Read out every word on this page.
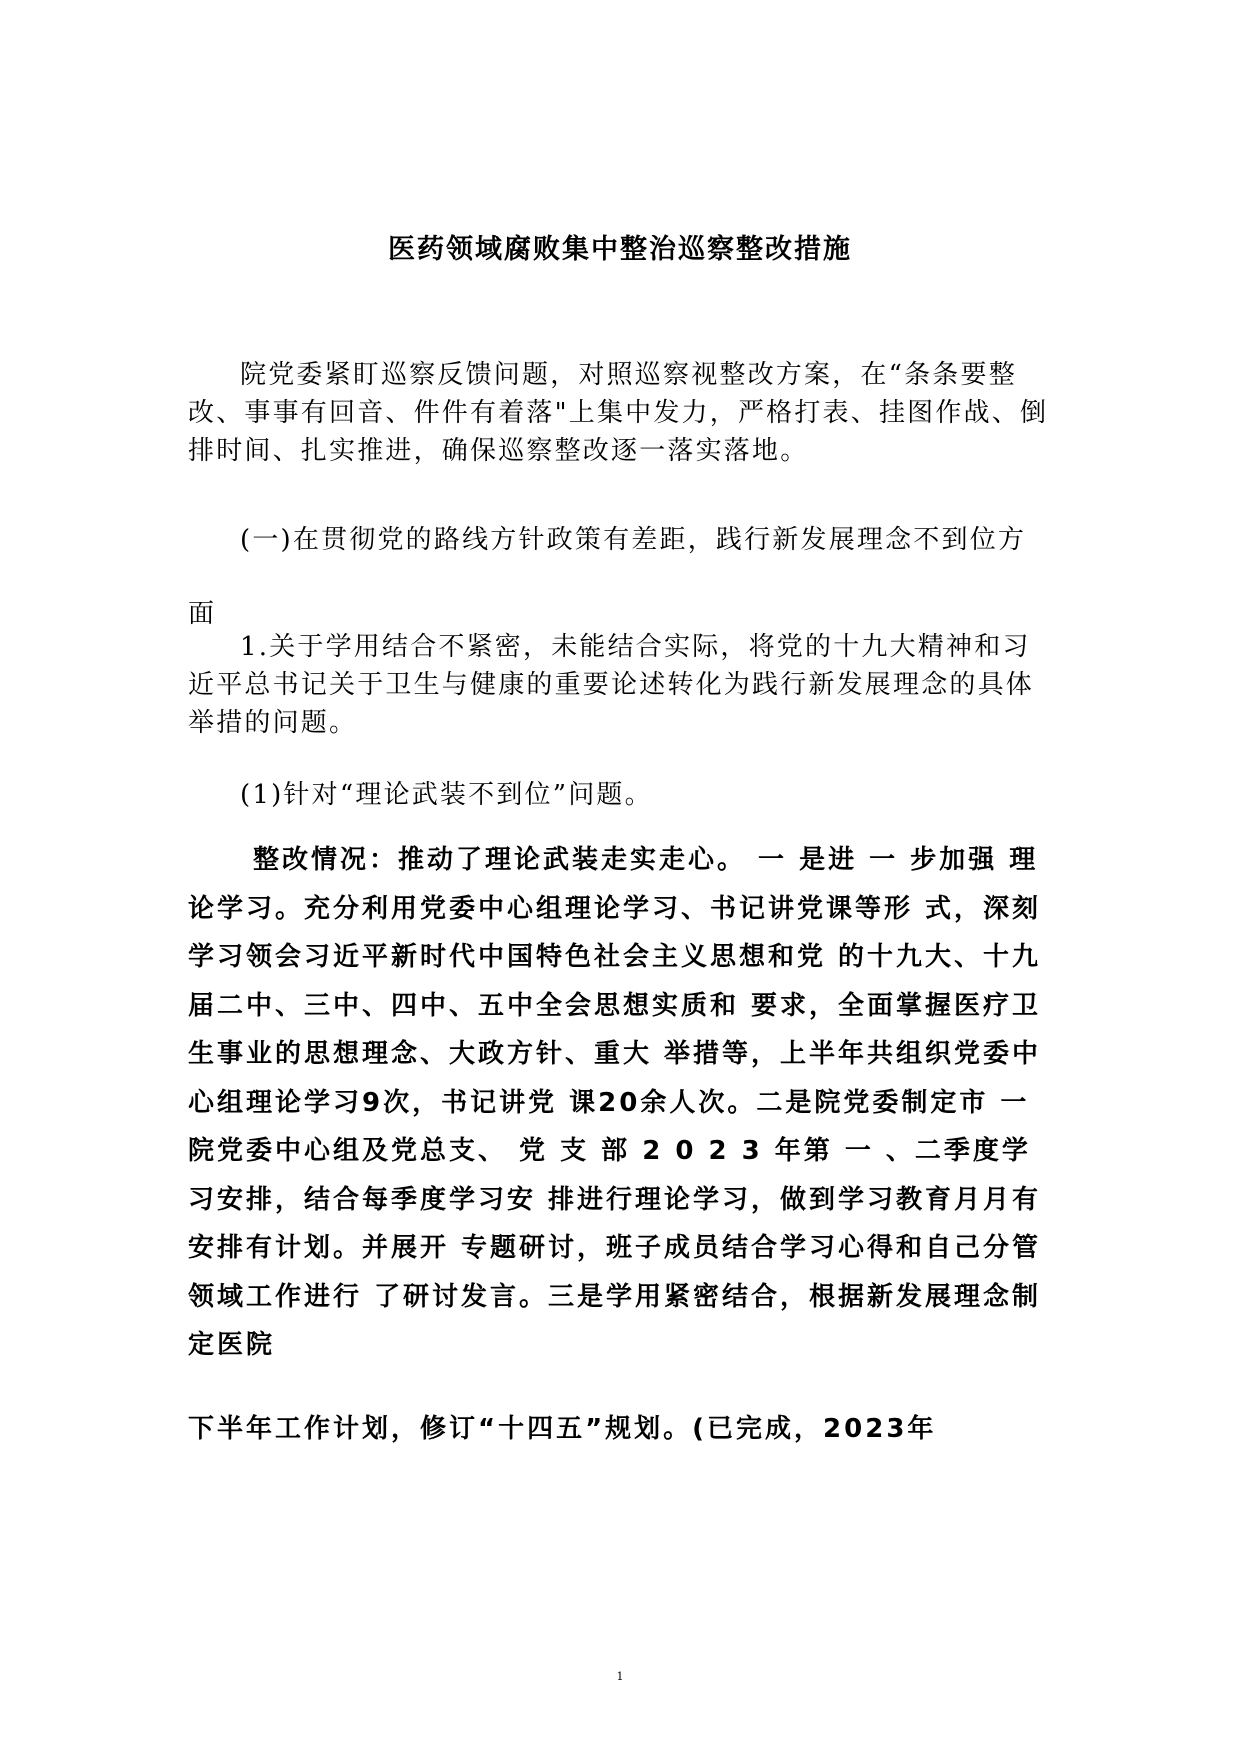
医药领域腐败集中整治巡察整改措施
院党委紧盯巡察反馈问题，对照巡察视整改方案，在“条条要整改、事事有回音、件件有着落"上集中发力，严格打表、挂图作战、倒排时间、扎实推进，确保巡察整改逐一落实落地。
(一)在贯彻党的路线方针政策有差距，践行新发展理念不到位方面
1.关于学用结合不紧密，未能结合实际，将党的十九大精神和习近平总书记关于卫生与健康的重要论述转化为践行新发展理念的具体举措的问题。
(1)针对“理论武装不到位”问题。
整改情况：推动了理论武装走实走心。 一 是进 一 步加强 理论学习。充分利用党委中心组理论学习、书记讲党课等形 式，深刻学习领会习近平新时代中国特色社会主义思想和党 的十九大、十九届二中、三中、四中、五中全会思想实质和 要求，全面掌握医疗卫生事业的思想理念、大政方针、重大 举措等，上半年共组织党委中心组理论学习9次，书记讲党 课20余人次。二是院党委制定市 一 院党委中心组及党总支、 党 支 部 2 0 2 3 年第 一 、二季度学习安排，结合每季度学习安 排进行理论学习，做到学习教育月月有安排有计划。并展开 专题研讨，班子成员结合学习心得和自己分管领域工作进行 了研讨发言。三是学用紧密结合，根据新发展理念制定医院
下半年工作计划，修订“十四五”规划。(已完成，2023年
1
